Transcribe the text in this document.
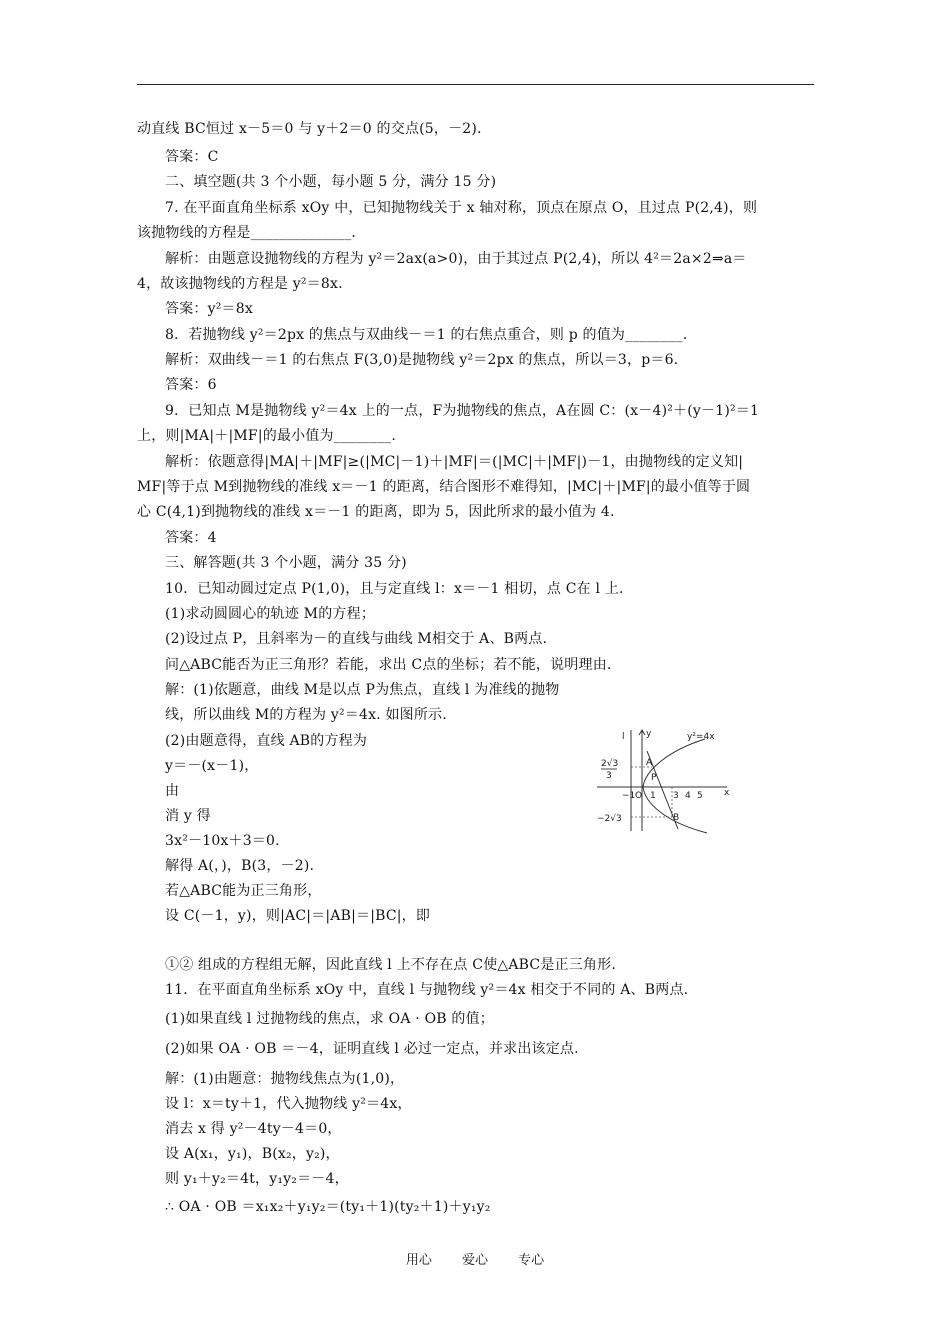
动直线 BC恒过 x－5＝0 与 y＋2＝0 的交点(5，－2)．
答案：C
二、填空题(共 3 个小题，每小题 5 分，满分 15 分)
7. 在平面直角坐标系 xOy 中，已知抛物线关于 x 轴对称，顶点在原点 O，且过点 P(2,4)，则
该抛物线的方程是______________．
解析：由题意设抛物线的方程为 y²＝2ax(a>0)，由于其过点 P(2,4)，所以 4²＝2a×2⇒a＝
4，故该抛物线的方程是 y²＝8x.
答案：y²＝8x
8．若抛物线 y²＝2px 的焦点与双曲线－＝1 的右焦点重合，则 p 的值为________.
解析：双曲线－＝1 的右焦点 F(3,0)是抛物线 y²＝2px 的焦点，所以＝3，p＝6.
答案：6
9．已知点 M是抛物线 y²＝4x 上的一点，F为抛物线的焦点，A在圆 C：(x－4)²＋(y－1)²＝1
上，则|MA|＋|MF|的最小值为________.
解析：依题意得|MA|＋|MF|≥(|MC|－1)＋|MF|＝(|MC|＋|MF|)－1，由抛物线的定义知|
MF|等于点 M到抛物线的准线 x＝－1 的距离，结合图形不难得知，|MC|＋|MF|的最小值等于圆
心 C(4,1)到抛物线的准线 x＝－1 的距离，即为 5，因此所求的最小值为 4.
答案：4
三、解答题(共 3 个小题，满分 35 分)
10．已知动圆过定点 P(1,0)，且与定直线 l：x＝－1 相切，点 C在 l 上.
(1)求动圆圆心的轨迹 M的方程；
(2)设过点 P，且斜率为－的直线与曲线 M相交于 A、B两点.
问△ABC能否为正三角形？若能，求出 C点的坐标；若不能，说明理由.
解：(1)依题意，曲线 M是以点 P为焦点，直线 l 为准线的抛物
线，所以曲线 M的方程为 y²＝4x. 如图所示.
(2)由题意得，直线 AB的方程为
y＝－(x－1)，
由
消 y 得
3x²－10x＋3＝0.
解得 A(，)，B(3，－2).
若△ABC能为正三角形，
设 C(－1，y)，则|AC|＝|AB|＝|BC|，即
①② 组成的方程组无解，因此直线 l 上不存在点 C使△ABC是正三角形.
11．在平面直角坐标系 xOy 中，直线 l 与抛物线 y²＝4x 相交于不同的 A、B两点.
(1)如果直线 l 过抛物线的焦点，求 OA · OB 的值；
(2)如果 OA · OB ＝－4，证明直线 l 必过一定点，并求出该定点.
解：(1)由题意：抛物线焦点为(1,0)，
设 l：x＝ty＋1，代入抛物线 y²＝4x，
消去 x 得 y²－4ty－4＝0，
设 A(x₁，y₁)，B(x₂，y₂)，
则 y₁＋y₂＝4t，y₁y₂＝－4，
∴ OA · OB ＝x₁x₂＋y₁y₂＝(ty₁＋1)(ty₂＋1)＋y₁y₂
l y	y²=4x
A
P
O
B
x
2√3
3
−2√3
−1 1 3 4 5
用心 爱心 专心
